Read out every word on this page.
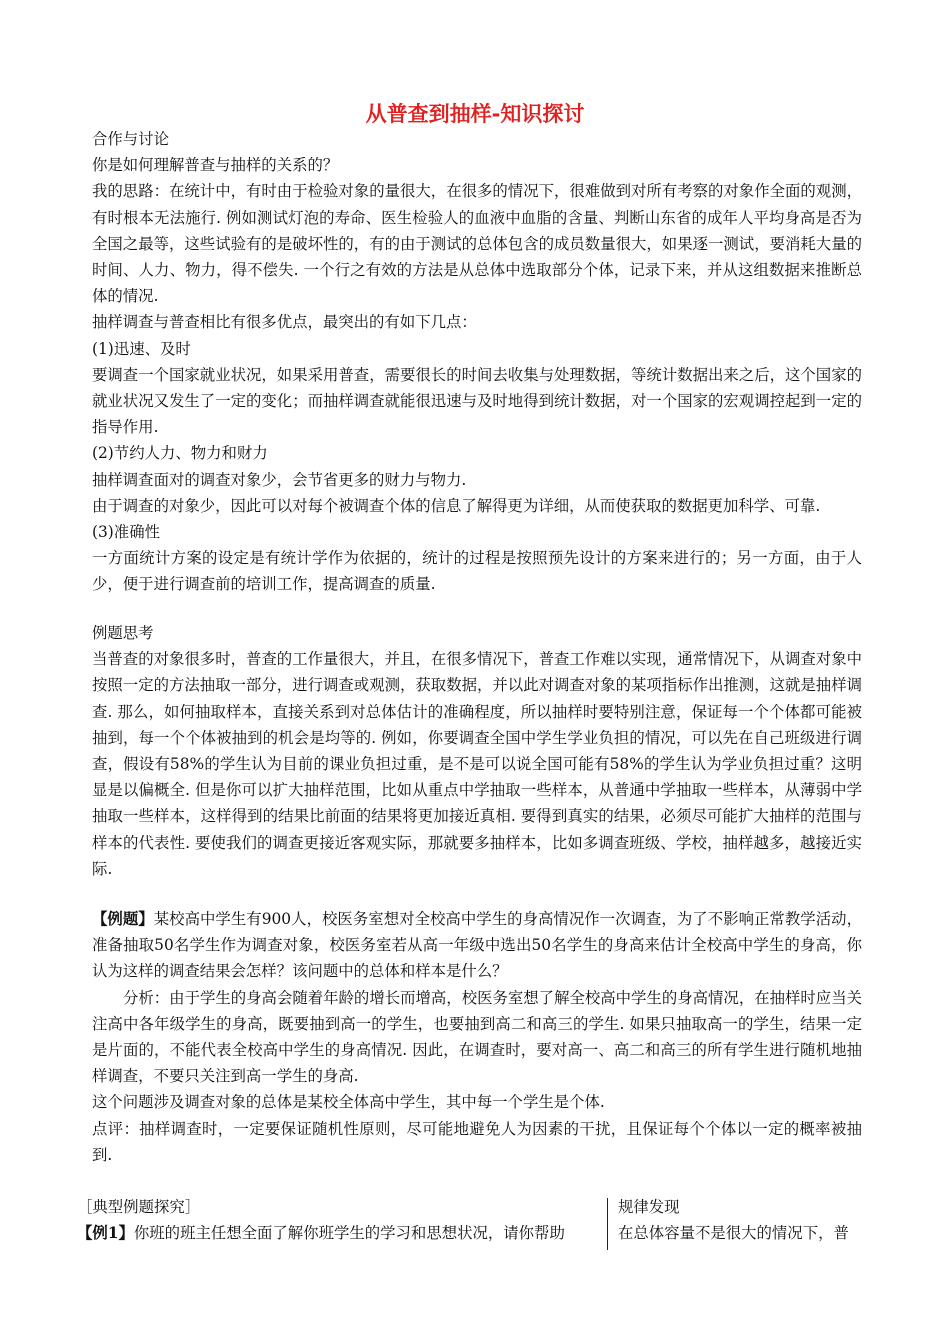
从普查到抽样-知识探讨

合作与讨论

你是如何理解普查与抽样的关系的？

我的思路：在统计中，有时由于检验对象的量很大，在很多的情况下，很难做到对所有考察的对象作全面的观测，有时根本无法施行. 例如测试灯泡的寿命、医生检验人的血液中血脂的含量、判断山东省的成年人平均身高是否为全国之最等，这些试验有的是破坏性的，有的由于测试的总体包含的成员数量很大，如果逐一测试，要消耗大量的时间、人力、物力，得不偿失. 一个行之有效的方法是从总体中选取部分个体，记录下来，并从这组数据来推断总体的情况.

抽样调查与普查相比有很多优点，最突出的有如下几点：

(1)迅速、及时

要调查一个国家就业状况，如果采用普查，需要很长的时间去收集与处理数据，等统计数据出来之后，这个国家的就业状况又发生了一定的变化；而抽样调查就能很迅速与及时地得到统计数据，对一个国家的宏观调控起到一定的指导作用.

(2)节约人力、物力和财力

抽样调查面对的调查对象少，会节省更多的财力与物力.

由于调查的对象少，因此可以对每个被调查个体的信息了解得更为详细，从而使获取的数据更加科学、可靠.

(3)准确性

一方面统计方案的设定是有统计学作为依据的，统计的过程是按照预先设计的方案来进行的；另一方面，由于人少，便于进行调查前的培训工作，提高调查的质量.

例题思考

当普查的对象很多时，普查的工作量很大，并且，在很多情况下，普查工作难以实现，通常情况下，从调查对象中按照一定的方法抽取一部分，进行调查或观测，获取数据，并以此对调查对象的某项指标作出推测，这就是抽样调查. 那么，如何抽取样本，直接关系到对总体估计的准确程度，所以抽样时要特别注意，保证每一个个体都可能被抽到，每一个个体被抽到的机会是均等的. 例如，你要调查全国中学生学业负担的情况，可以先在自己班级进行调查，假设有58%的学生认为目前的课业负担过重，是不是可以说全国可能有58%的学生认为学业负担过重？这明显是以偏概全. 但是你可以扩大抽样范围，比如从重点中学抽取一些样本，从普通中学抽取一些样本，从薄弱中学抽取一些样本，这样得到的结果比前面的结果将更加接近真相. 要得到真实的结果，必须尽可能扩大抽样的范围与样本的代表性. 要使我们的调查更接近客观实际，那就要多抽样本，比如多调查班级、学校，抽样越多，越接近实际.

【例题】某校高中学生有900人，校医务室想对全校高中学生的身高情况作一次调查，为了不影响正常教学活动，准备抽取50名学生作为调查对象，校医务室若从高一年级中选出50名学生的身高来估计全校高中学生的身高，你认为这样的调查结果会怎样？该问题中的总体和样本是什么？

分析：由于学生的身高会随着年龄的增长而增高，校医务室想了解全校高中学生的身高情况，在抽样时应当关注高中各年级学生的身高，既要抽到高一的学生，也要抽到高二和高三的学生. 如果只抽取高一的学生，结果一定是片面的，不能代表全校高中学生的身高情况. 因此，在调查时，要对高一、高二和高三的所有学生进行随机地抽样调查，不要只关注到高一学生的身高.

这个问题涉及调查对象的总体是某校全体高中学生，其中每一个学生是个体.

点评：抽样调查时，一定要保证随机性原则，尽可能地避免人为因素的干扰，且保证每个个体以一定的概率被抽到.

［典型例题探究］
【例1】你班的班主任想全面了解你班学生的学习和思想状况，请你帮助
规律发现
在总体容量不是很大的情况下，普
